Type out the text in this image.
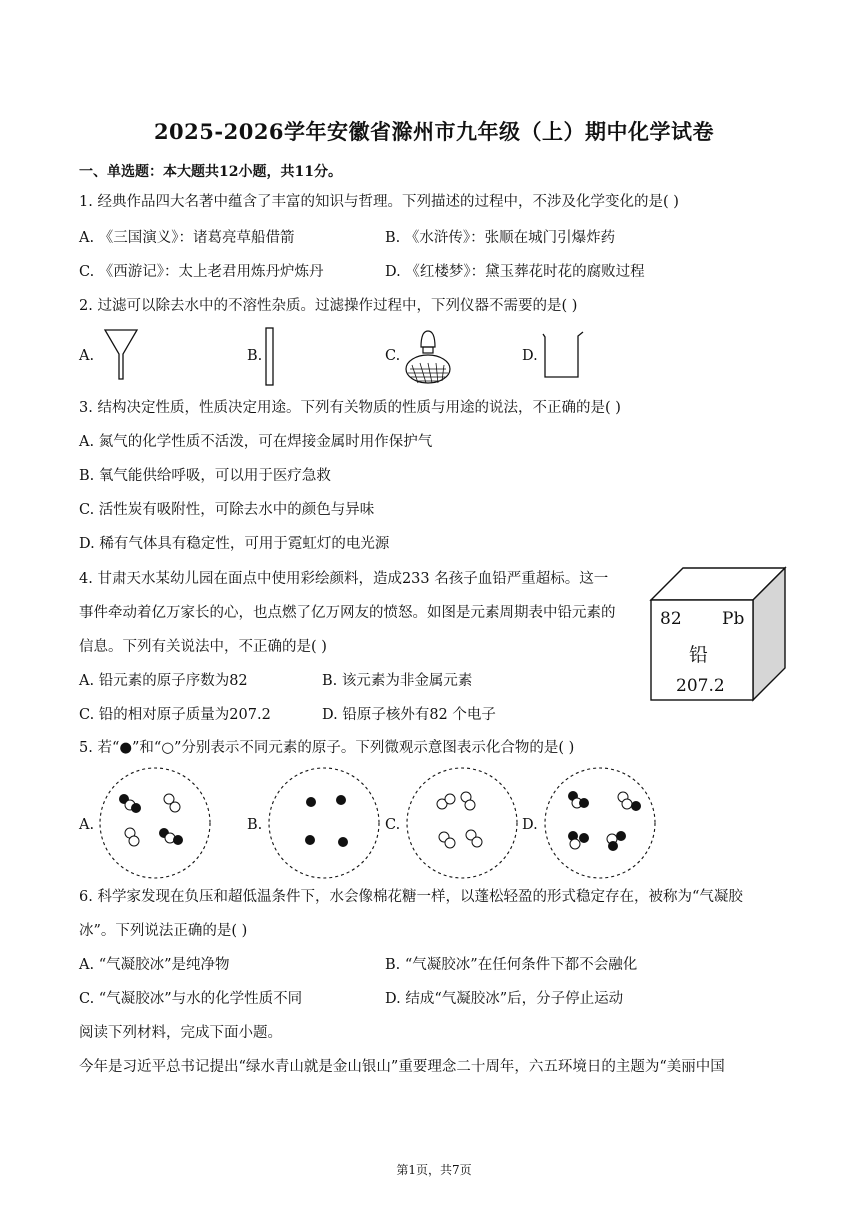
2025-2026学年安徽省滁州市九年级（上）期中化学试卷
一、单选题：本大题共12小题，共11分。
1. 经典作品四大名著中蕴含了丰富的知识与哲理。下列描述的过程中，不涉及化学变化的是( )
A. 《三国演义》：诸葛亮草船借箭	B. 《水浒传》：张顺在城门引爆炸药
C. 《西游记》：太上老君用炼丹炉炼丹	D. 《红楼梦》：黛玉葬花时花的腐败过程
2. 过滤可以除去水中的不溶性杂质。过滤操作过程中，下列仪器不需要的是( )
A.	B.	C.	D.
3. 结构决定性质，性质决定用途。下列有关物质的性质与用途的说法，不正确的是( )
A. 氮气的化学性质不活泼，可在焊接金属时用作保护气
B. 氧气能供给呼吸，可以用于医疗急救
C. 活性炭有吸附性，可除去水中的颜色与异味
D. 稀有气体具有稳定性，可用于霓虹灯的电光源
4. 甘肃天水某幼儿园在面点中使用彩绘颜料，造成233 名孩子血铅严重超标。这一
事件牵动着亿万家长的心，也点燃了亿万网友的愤怒。如图是元素周期表中铅元素的
信息。下列有关说法中，不正确的是( )
A. 铅元素的原子序数为82	B. 该元素为非金属元素
C. 铅的相对原子质量为207.2	D. 铅原子核外有82 个电子
82 Pb
铅
207.2
5. 若“●”和“○”分别表示不同元素的原子。下列微观示意图表示化合物的是( )
A.	B.	C.	D.
6. 科学家发现在负压和超低温条件下，水会像棉花糖一样，以蓬松轻盈的形式稳定存在，被称为“气凝胶
冰”。下列说法正确的是( )
A. “气凝胶冰”是纯净物	B. “气凝胶冰”在任何条件下都不会融化
C. “气凝胶冰”与水的化学性质不同	D. 结成“气凝胶冰”后，分子停止运动
阅读下列材料，完成下面小题。
今年是习近平总书记提出“绿水青山就是金山银山”重要理念二十周年，六五环境日的主题为“美丽中国
第1页，共7页
